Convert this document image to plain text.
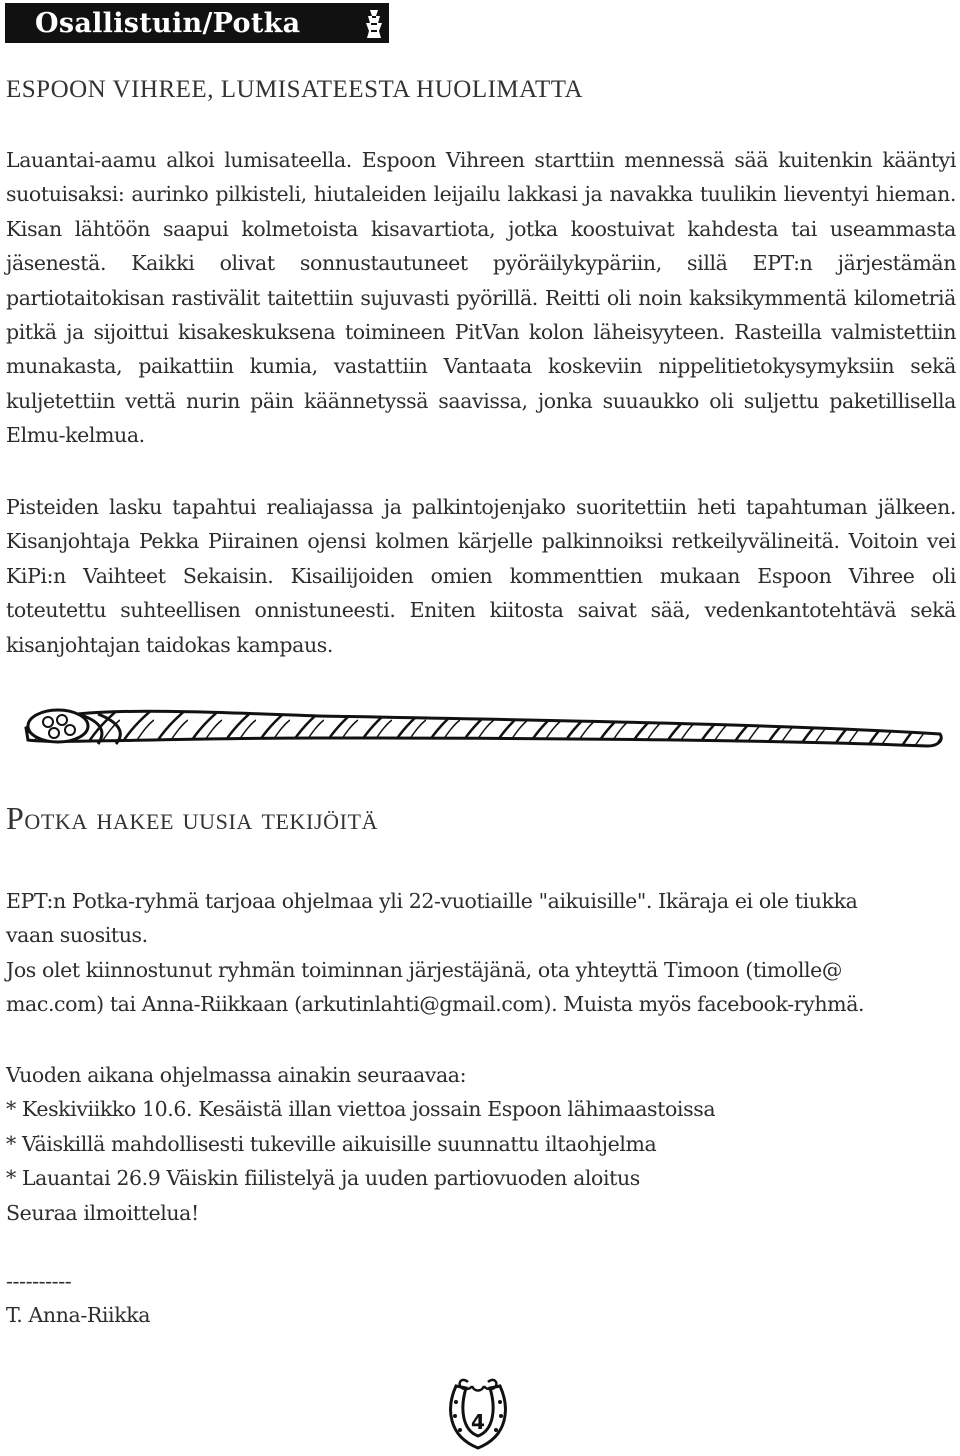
Osallistuin/Potka
ESPOON VIHREE, LUMISATEESTA HUOLIMATTA

Lauantai-aamu alkoi lumisateella. Espoon Vihreen starttiin mennessä sää kuitenkin kääntyi suotuisaksi: aurinko pilkisteli, hiutaleiden leijailu lakkasi ja navakka tuulikin lieventyi hieman. Kisan lähtöön saapui kolmetoista kisavartiota, jotka koostuivat kahdesta tai useammasta jäsenestä. Kaikki olivat sonnustautuneet pyöräilykypäriin, sillä EPT:n järjestämän partiotaitokisan rastivälit taitettiin sujuvasti pyörillä. Reitti oli noin kaksikymmentä kilometriä pitkä ja sijoittui kisakeskuksena toimineen PitVan kolon läheisyyteen. Rasteilla valmistettiin munakasta, paikattiin kumia, vastattiin Vantaata koskeviin nippelitietokysymyksiin sekä kuljetettiin vettä nurin päin käännetyssä saavissa, jonka suuaukko oli suljettu paketillisella Elmu-kelmua.

Pisteiden lasku tapahtui realiajassa ja palkintojenjako suoritettiin heti tapahtuman jälkeen. Kisanjohtaja Pekka Piirainen ojensi kolmen kärjelle palkinnoiksi retkeilyvälineitä. Voitoin vei KiPi:n Vaihteet Sekaisin. Kisailijoiden omien kommenttien mukaan Espoon Vihree oli toteutettu suhteellisen onnistuneesti. Eniten kiitosta saivat sää, vedenkantotehtävä sekä kisanjohtajan taidokas kampaus.

Potka hakee uusia tekijöitä

EPT:n Potka-ryhmä tarjoaa ohjelmaa yli 22-vuotiaille "aikuisille". Ikäraja ei ole tiukka

vaan suositus.

Jos olet kiinnostunut ryhmän toiminnan järjestäjänä, ota yhteyttä Timoon (timolle@

mac.com) tai Anna-Riikkaan (arkutinlahti@gmail.com). Muista myös facebook-ryhmä.

Vuoden aikana ohjelmassa ainakin seuraavaa:

* Keskiviikko 10.6. Kesäistä illan viettoa jossain Espoon lähimaastoissa

* Väiskillä mahdollisesti tukeville aikuisille suunnattu iltaohjelma

* Lauantai 26.9 Väiskin fiilistelyä ja uuden partiovuoden aloitus

Seuraa ilmoittelua!

----------

T. Anna-Riikka

4
